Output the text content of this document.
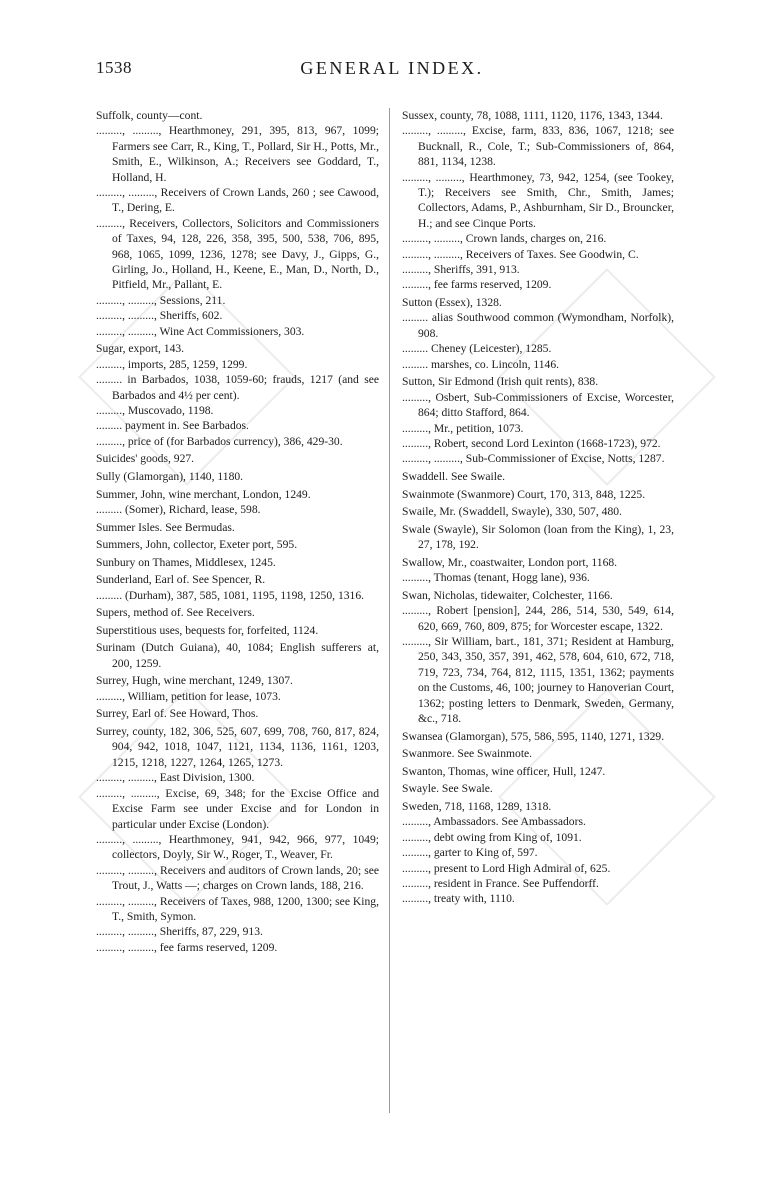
1538	GENERAL INDEX.

Suffolk, county—cont.

........., ........., Hearthmoney, 291, 395, 813, 967, 1099; Farmers see Carr, R., King, T., Pollard, Sir H., Potts, Mr., Smith, E., Wilkinson, A.; Receivers see Goddard, T., Holland, H.

........., ........., Receivers of Crown Lands, 260 ; see Cawood, T., Dering, E.

........., Receivers, Collectors, Solicitors and Commissioners of Taxes, 94, 128, 226, 358, 395, 500, 538, 706, 895, 968, 1065, 1099, 1236, 1278; see Davy, J., Gipps, G., Girling, Jo., Holland, H., Keene, E., Man, D., North, D., Pitfield, Mr., Pallant, E.

........., ........., Sessions, 211.

........., ........., Sheriffs, 602.

........., ........., Wine Act Commissioners, 303.

Sugar, export, 143.

........., imports, 285, 1259, 1299.

......... in Barbados, 1038, 1059-60; frauds, 1217 (and see Barbados and 4½ per cent).

........., Muscovado, 1198.

......... payment in. See Barbados.

........., price of (for Barbados currency), 386, 429-30.

Suicides' goods, 927.

Sully (Glamorgan), 1140, 1180.

Summer, John, wine merchant, London, 1249.

......... (Somer), Richard, lease, 598.

Summer Isles. See Bermudas.

Summers, John, collector, Exeter port, 595.

Sunbury on Thames, Middlesex, 1245.

Sunderland, Earl of. See Spencer, R.

......... (Durham), 387, 585, 1081, 1195, 1198, 1250, 1316.

Supers, method of. See Receivers.

Superstitious uses, bequests for, forfeited, 1124.

Surinam (Dutch Guiana), 40, 1084; English sufferers at, 200, 1259.

Surrey, Hugh, wine merchant, 1249, 1307.

........., William, petition for lease, 1073.

Surrey, Earl of. See Howard, Thos.

Surrey, county, 182, 306, 525, 607, 699, 708, 760, 817, 824, 904, 942, 1018, 1047, 1121, 1134, 1136, 1161, 1203, 1215, 1218, 1227, 1264, 1265, 1273.

........., ........., East Division, 1300.

........., ........., Excise, 69, 348; for the Excise Office and Excise Farm see under Excise and for London in particular under Excise (London).

........., ........., Hearthmoney, 941, 942, 966, 977, 1049; collectors, Doyly, Sir W., Roger, T., Weaver, Fr.

........., ........., Receivers and auditors of Crown lands, 20; see Trout, J., Watts —; charges on Crown lands, 188, 216.

........., ........., Receivers of Taxes, 988, 1200, 1300; see King, T., Smith, Symon.

........., ........., Sheriffs, 87, 229, 913.

........., ........., fee farms reserved, 1209.

Sussex, county, 78, 1088, 1111, 1120, 1176, 1343, 1344.

........., ........., Excise, farm, 833, 836, 1067, 1218; see Bucknall, R., Cole, T.; Sub-Commissioners of, 864, 881, 1134, 1238.

........., ........., Hearthmoney, 73, 942, 1254, (see Tookey, T.); Receivers see Smith, Chr., Smith, James; Collectors, Adams, P., Ashburnham, Sir D., Brouncker, H.; and see Cinque Ports.

........., ........., Crown lands, charges on, 216.

........., ........., Receivers of Taxes. See Goodwin, C.

........., Sheriffs, 391, 913.

........., fee farms reserved, 1209.

Sutton (Essex), 1328.

......... alias Southwood common (Wymondham, Norfolk), 908.

......... Cheney (Leicester), 1285.

......... marshes, co. Lincoln, 1146.

Sutton, Sir Edmond (Irish quit rents), 838.

........., Osbert, Sub-Commissioners of Excise, Worcester, 864; ditto Stafford, 864.

........., Mr., petition, 1073.

........., Robert, second Lord Lexinton (1668-1723), 972.

........., ........., Sub-Commissioner of Excise, Notts, 1287.

Swaddell. See Swaile.

Swainmote (Swanmore) Court, 170, 313, 848, 1225.

Swaile, Mr. (Swaddell, Swayle), 330, 507, 480.

Swale (Swayle), Sir Solomon (loan from the King), 1, 23, 27, 178, 192.

Swallow, Mr., coastwaiter, London port, 1168.

........., Thomas (tenant, Hogg lane), 936.

Swan, Nicholas, tidewaiter, Colchester, 1166.

........., Robert [pension], 244, 286, 514, 530, 549, 614, 620, 669, 760, 809, 875; for Worcester escape, 1322.

........., Sir William, bart., 181, 371; Resident at Hamburg, 250, 343, 350, 357, 391, 462, 578, 604, 610, 672, 718, 719, 723, 734, 764, 812, 1115, 1351, 1362; payments on the Customs, 46, 100; journey to Hanoverian Court, 1362; posting letters to Denmark, Sweden, Germany, &c., 718.

Swansea (Glamorgan), 575, 586, 595, 1140, 1271, 1329.

Swanmore. See Swainmote.

Swanton, Thomas, wine officer, Hull, 1247.

Swayle. See Swale.

Sweden, 718, 1168, 1289, 1318.

........., Ambassadors. See Ambassadors.

........., debt owing from King of, 1091.

........., garter to King of, 597.

........., present to Lord High Admiral of, 625.

........., resident in France. See Puffendorff.

........., treaty with, 1110.
